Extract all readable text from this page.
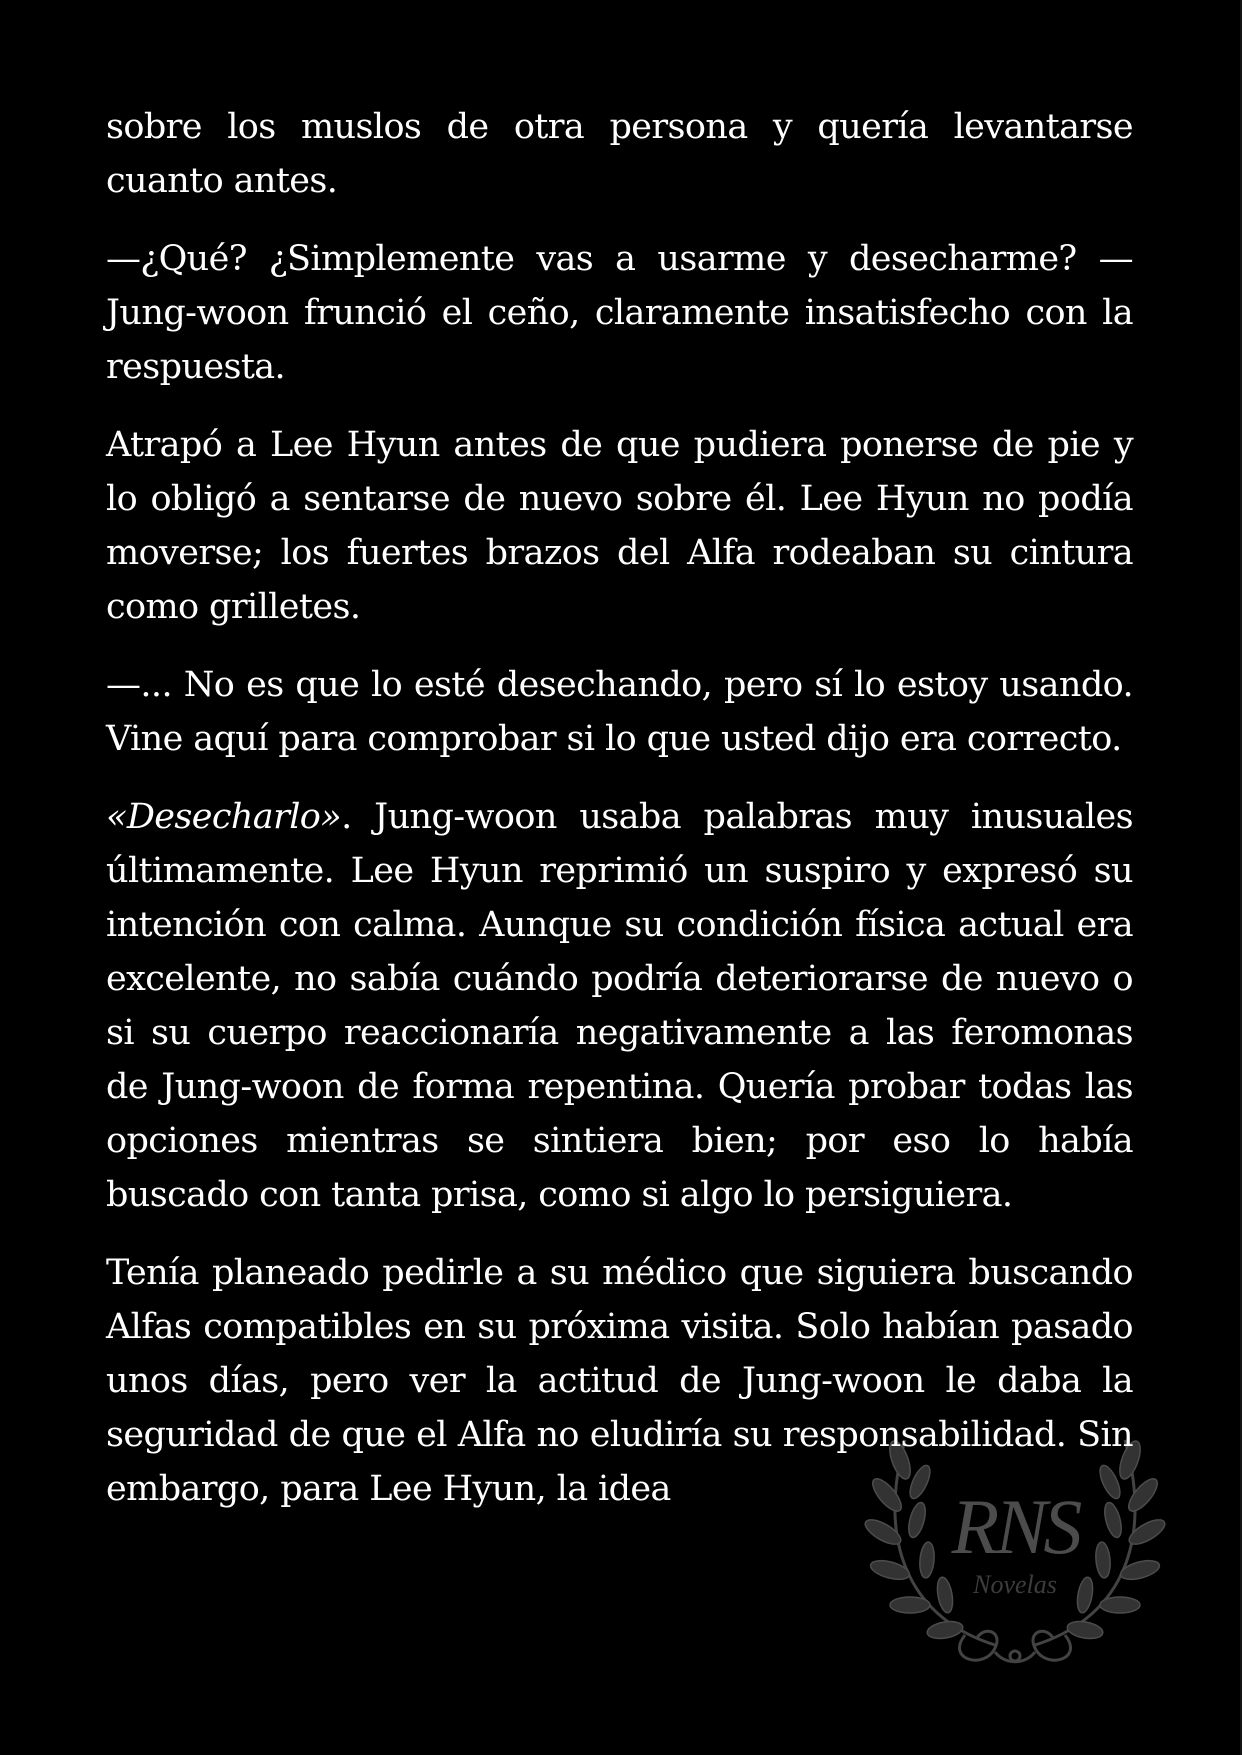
sobre los muslos de otra persona y quería levantarse cuanto antes.

—¿Qué? ¿Simplemente vas a usarme y desecharme? —Jung-woon frunció el ceño, claramente insatisfecho con la respuesta.

Atrapó a Lee Hyun antes de que pudiera ponerse de pie y lo obligó a sentarse de nuevo sobre él. Lee Hyun no podía moverse; los fuertes brazos del Alfa rodeaban su cintura como grilletes.

—... No es que lo esté desechando, pero sí lo estoy usando. Vine aquí para comprobar si lo que usted dijo era correcto.

«Desecharlo». Jung-woon usaba palabras muy inusuales últimamente. Lee Hyun reprimió un suspiro y expresó su intención con calma. Aunque su condición física actual era excelente, no sabía cuándo podría deteriorarse de nuevo o si su cuerpo reaccionaría negativamente a las feromonas de Jung-woon de forma repentina. Quería probar todas las opciones mientras se sintiera bien; por eso lo había buscado con tanta prisa, como si algo lo persiguiera.

Tenía planeado pedirle a su médico que siguiera buscando Alfas compatibles en su próxima visita. Solo habían pasado unos días, pero ver la actitud de Jung-woon le daba la seguridad de que el Alfa no eludiría su responsabilidad. Sin embargo, para Lee Hyun, la idea	RNS
Novelas
